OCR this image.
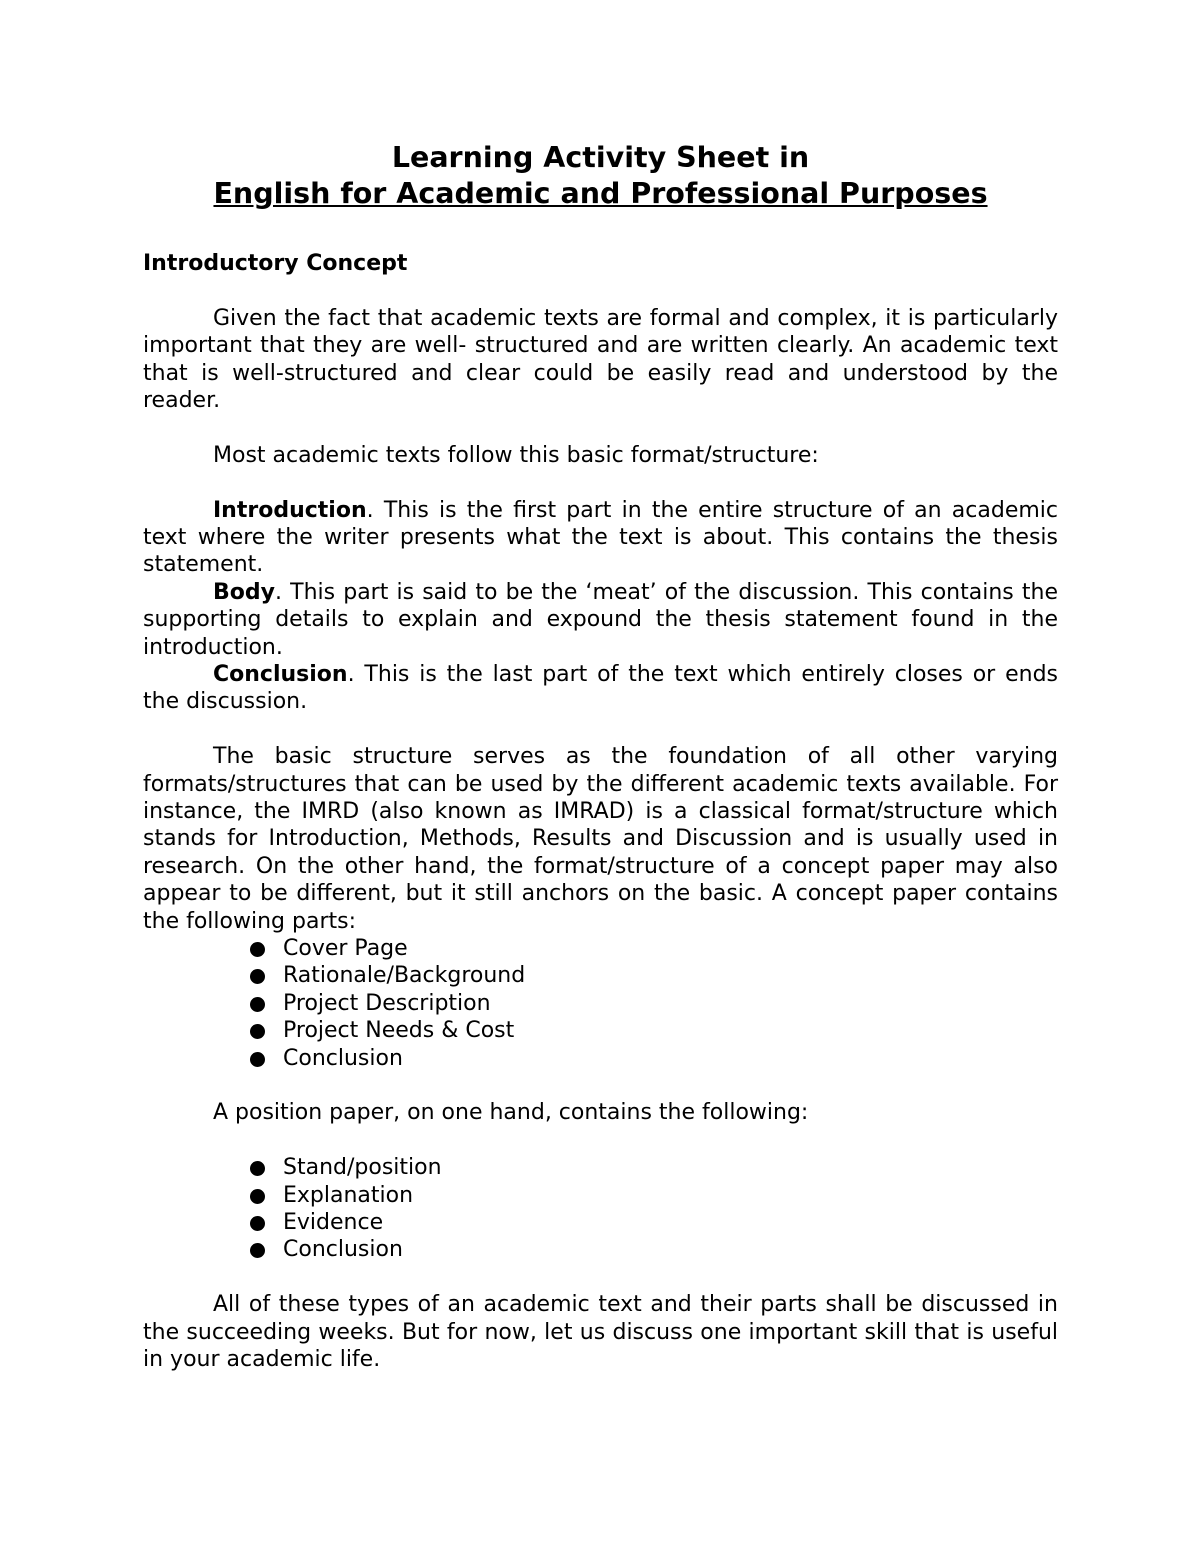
Learning Activity Sheet in
English for Academic and Professional Purposes

Introductory Concept

Given the fact that academic texts are formal and complex, it is particularly important that they are well- structured and are written clearly. An academic text that is well-structured and clear could be easily read and understood by the reader.

Most academic texts follow this basic format/structure:

Introduction. This is the first part in the entire structure of an academic text where the writer presents what the text is about. This contains the thesis statement.

Body. This part is said to be the ‘meat’ of the discussion. This contains the supporting details to explain and expound the thesis statement found in the introduction.

Conclusion. This is the last part of the text which entirely closes or ends the discussion.

The basic structure serves as the foundation of all other varying formats/structures that can be used by the different academic texts available. For instance, the IMRD (also known as IMRAD) is a classical format/structure which stands for Introduction, Methods, Results and Discussion and is usually used in research. On the other hand, the format/structure of a concept paper may also appear to be different, but it still anchors on the basic. A concept paper contains the following parts:

Cover Page
Rationale/Background
Project Description
Project Needs & Cost
Conclusion

A position paper, on one hand, contains the following:

Stand/position
Explanation
Evidence
Conclusion

All of these types of an academic text and their parts shall be discussed in the succeeding weeks. But for now, let us discuss one important skill that is useful in your academic life.
